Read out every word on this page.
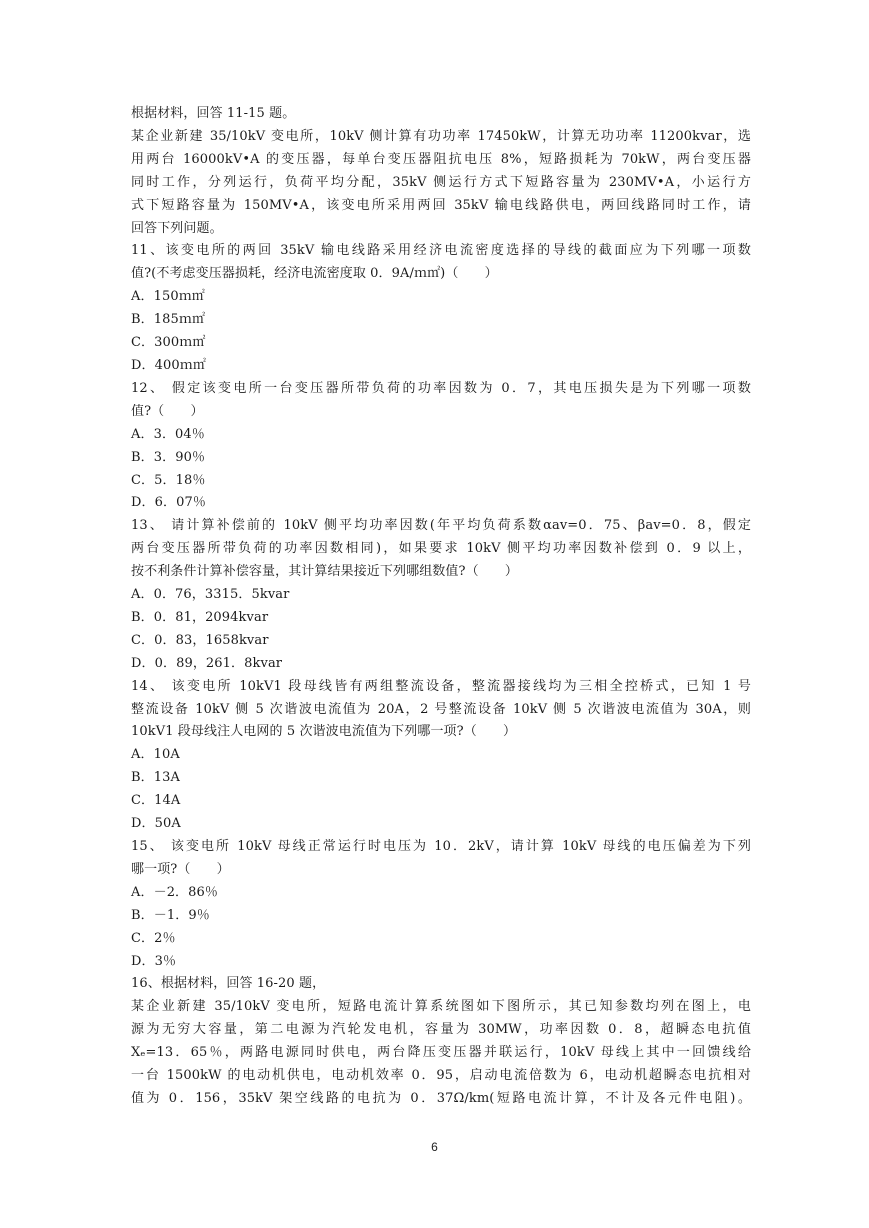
根据材料，回答 11-15 题。
某企业新建 35/10kV 变电所，10kV 侧计算有功功率 17450kW，计算无功功率 11200kvar，选
用两台 16000kV•A 的变压器，每单台变压器阻抗电压 8%，短路损耗为 70kW，两台变压器
同时工作，分列运行，负荷平均分配，35kV 侧运行方式下短路容量为 230MV•A，小运行方
式下短路容量为 150MV•A，该变电所采用两回 35kV 输电线路供电，两回线路同时工作，请
回答下列问题。
11、该变电所的两回 35kV 输电线路采用经济电流密度选择的导线的截面应为下列哪一项数
值?(不考虑变压器损耗，经济电流密度取 0．9A/ｍ㎡)（　　）
A．150ｍ㎡
B．185ｍ㎡
C．300ｍ㎡
D．400ｍ㎡
12、 假定该变电所一台变压器所带负荷的功率因数为 0．7，其电压损失是为下列哪一项数
值?（　　）
A．3．04％
B．3．90％
C．5．18％
D．6．07％
13、 请计算补偿前的 10kV 侧平均功率因数(年平均负荷系数αav=0．75、βav=0．8，假定
两台变压器所带负荷的功率因数相同)，如果要求 10kV 侧平均功率因数补偿到 0．9 以上，
按不利条件计算补偿容量，其计算结果接近下列哪组数值?（　　）
A．0．76，3315．5kvar
B．0．81，2094kvar
C．0．83，1658kvar
D．0．89，261．8kvar
14、 该变电所 10kV1 段母线皆有两组整流设备，整流器接线均为三相全控桥式，已知 1 号
整流设备 10kV 侧 5 次谐波电流值为 20A，2 号整流设备 10kV 侧 5 次谐波电流值为 30A，则
10kV1 段母线注人电网的 5 次谐波电流值为下列哪一项?（　　）
A．10A
B．13A
C．14A
D．50A
15、 该变电所 10kV 母线正常运行时电压为 10．2kV，请计算 10kV 母线的电压偏差为下列
哪一项?（　　）
A．－2．86％
B．－1．9％
C．2％
D．3％
16、根据材料，回答 16-20 题，
某企业新建 35/10kV 变电所，短路电流计算系统图如下图所示，其已知参数均列在图上，电
源为无穷大容量，第二电源为汽轮发电机，容量为 30MW，功率因数 0．8，超瞬态电抗值
Xₑ=13．65％，两路电源同时供电，两台降压变压器并联运行，10kV 母线上其中一回馈线给
一台 1500kW 的电动机供电，电动机效率 0．95，启动电流倍数为 6，电动机超瞬态电抗相对
值为 0．156，35kV 架空线路的电抗为 0．37Ω/km(短路电流计算，不计及各元件电阻)。
6
